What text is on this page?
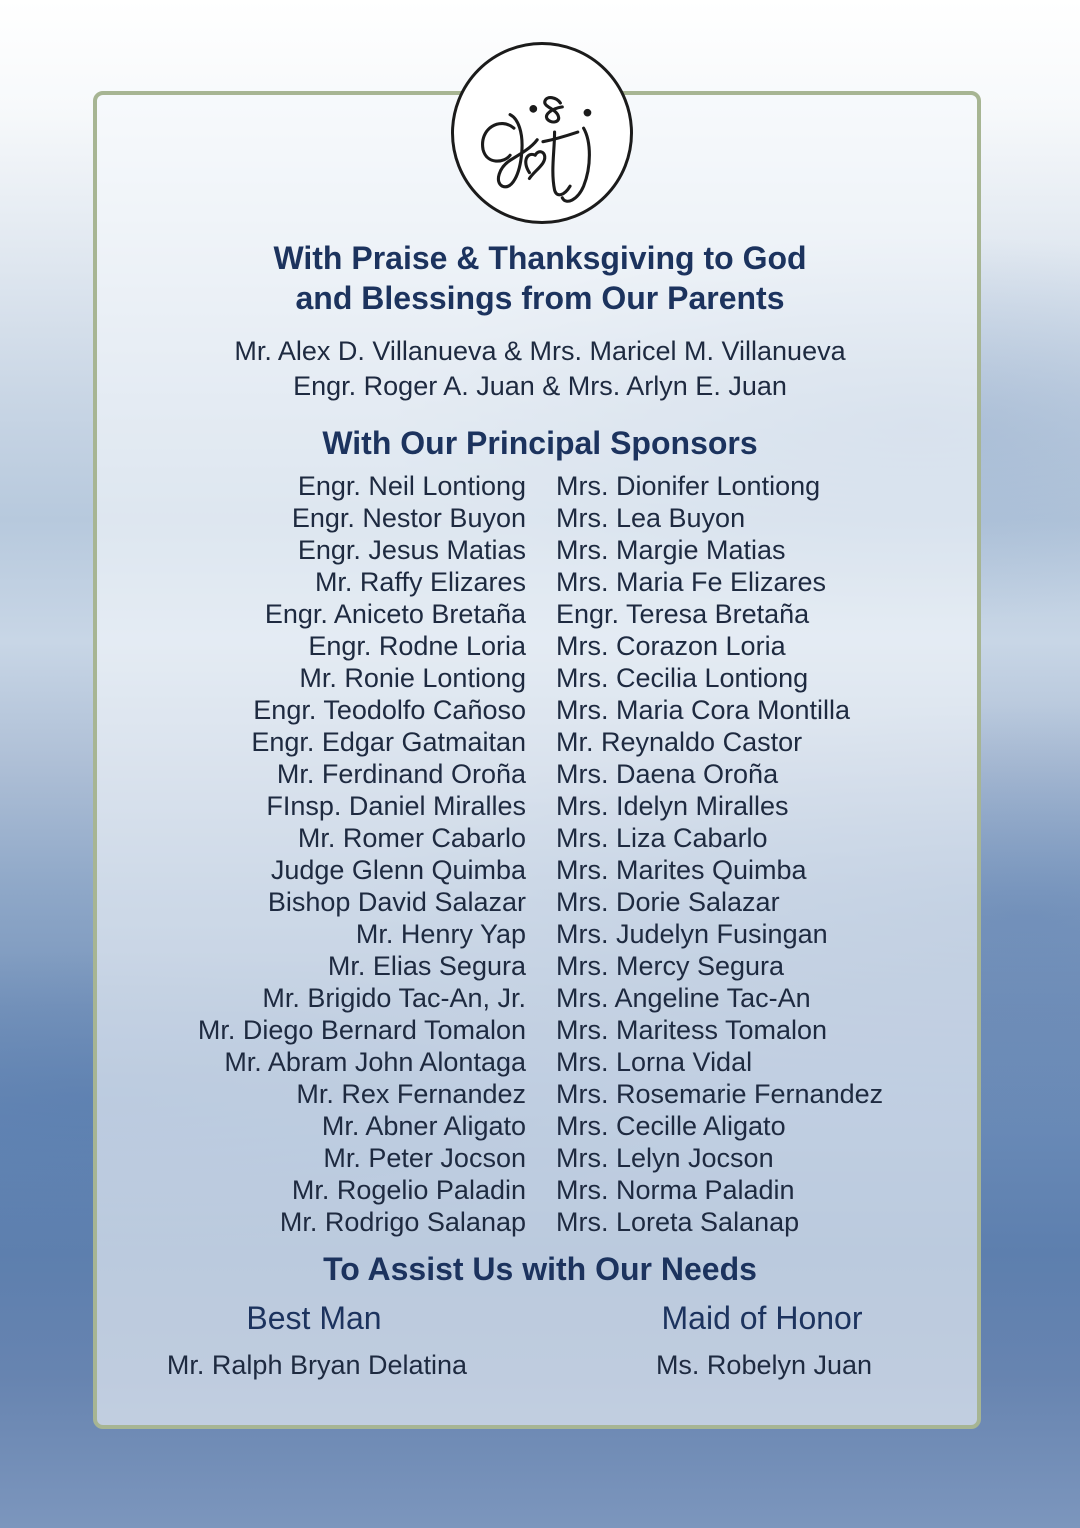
With Praise & Thanksgiving to God
and Blessings from Our Parents
Mr. Alex D. Villanueva & Mrs. Maricel M. Villanueva
Engr. Roger A. Juan & Mrs. Arlyn E. Juan
With Our Principal Sponsors
Engr. Neil Lontiong
Engr. Nestor Buyon
Engr. Jesus Matias
Mr. Raffy Elizares
Engr. Aniceto Bretaña
Engr. Rodne Loria
Mr. Ronie Lontiong
Engr. Teodolfo Cañoso
Engr. Edgar Gatmaitan
Mr. Ferdinand Oroña
FInsp. Daniel Miralles
Mr. Romer Cabarlo
Judge Glenn Quimba
Bishop David Salazar
Mr. Henry Yap
Mr. Elias Segura
Mr. Brigido Tac-An, Jr.
Mr. Diego Bernard Tomalon
Mr. Abram John Alontaga
Mr. Rex Fernandez
Mr. Abner Aligato
Mr. Peter Jocson
Mr. Rogelio Paladin
Mr. Rodrigo Salanap
Mrs. Dionifer Lontiong
Mrs. Lea Buyon
Mrs. Margie Matias
Mrs. Maria Fe Elizares
Engr. Teresa Bretaña
Mrs. Corazon Loria
Mrs. Cecilia Lontiong
Mrs. Maria Cora Montilla
Mr. Reynaldo Castor
Mrs. Daena Oroña
Mrs. Idelyn Miralles
Mrs. Liza Cabarlo
Mrs. Marites Quimba
Mrs. Dorie Salazar
Mrs. Judelyn Fusingan
Mrs. Mercy Segura
Mrs. Angeline Tac-An
Mrs. Maritess Tomalon
Mrs. Lorna Vidal
Mrs. Rosemarie Fernandez
Mrs. Cecille Aligato
Mrs. Lelyn Jocson
Mrs. Norma Paladin
Mrs. Loreta Salanap
To Assist Us with Our Needs
Best Man
Mr. Ralph Bryan Delatina
Maid of Honor
Ms. Robelyn Juan
